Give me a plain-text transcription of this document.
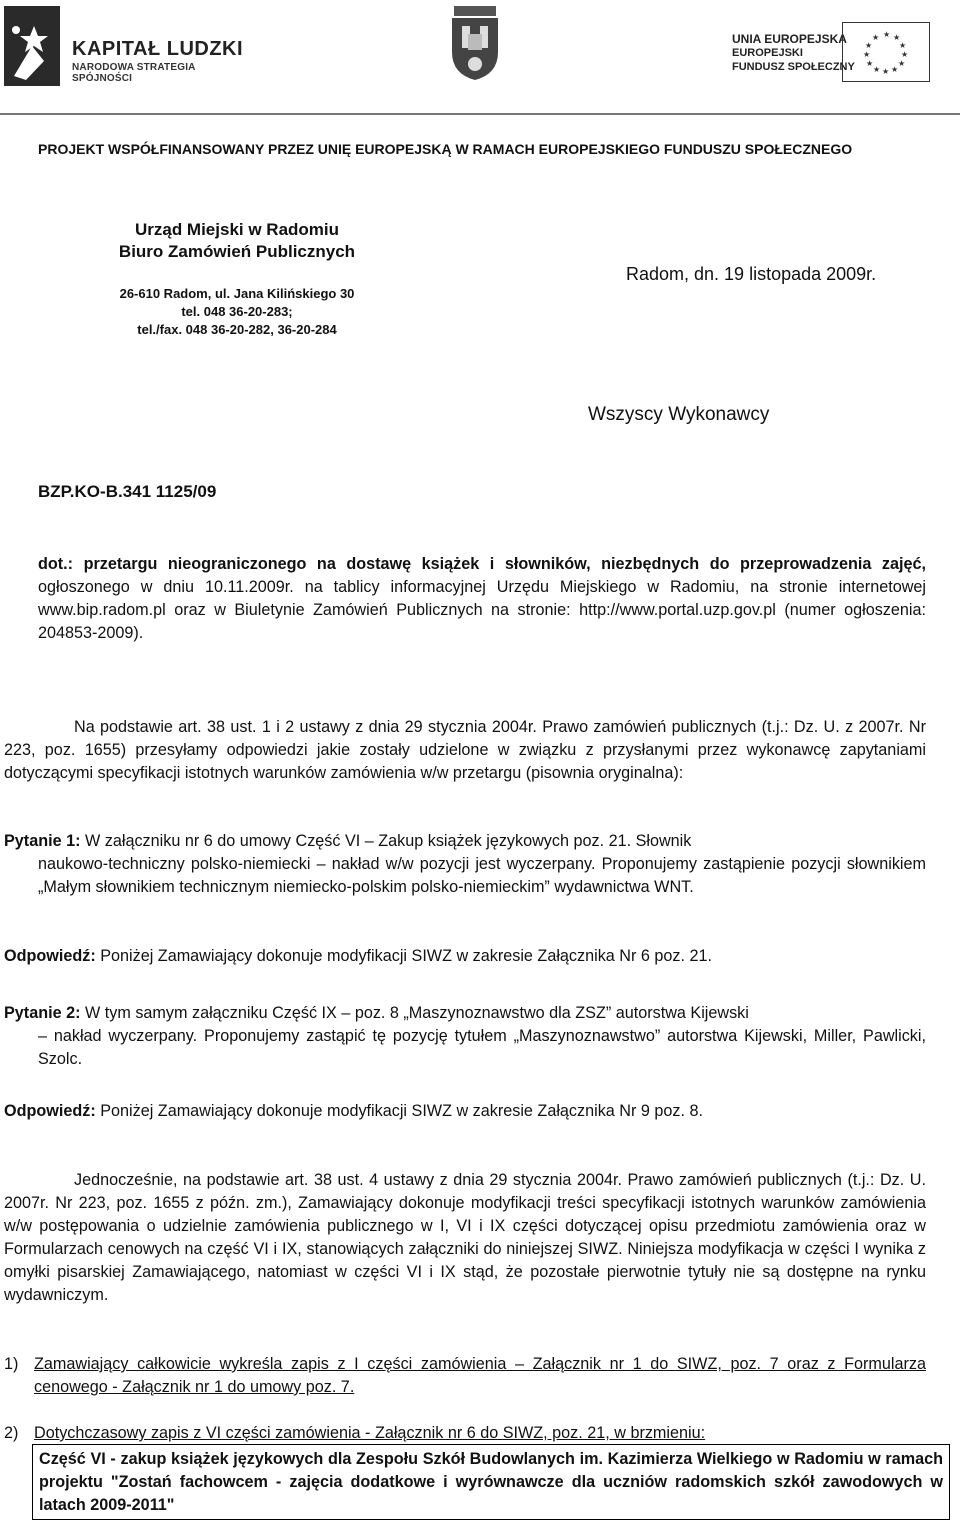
KAPITAŁ LUDZKI
NARODOWA STRATEGIA SPÓJNOŚCI
UNIA EUROPEJSKA
EUROPEJSKI
FUNDUSZ SPOŁECZNY
★ ★
★
★
★
★
★
★
★
★
★
★
PROJEKT WSPÓŁFINANSOWANY PRZEZ UNIĘ EUROPEJSKĄ W RAMACH EUROPEJSKIEGO FUNDUSZU SPOŁECZNEGO
Urząd Miejski w Radomiu
Biuro Zamówień Publicznych
26-610 Radom, ul. Jana Kilińskiego 30
tel. 048 36-20-283;
tel./fax. 048 36-20-282, 36-20-284
Radom, dn. 19 listopada 2009r.
Wszyscy Wykonawcy
BZP.KO-B.341 1125/09
dot.: przetargu nieograniczonego na dostawę książek i słowników, niezbędnych do przeprowadzenia zajęć, ogłoszonego w dniu 10.11.2009r. na tablicy informacyjnej Urzędu Miejskiego w Radomiu, na stronie internetowej www.bip.radom.pl oraz w Biuletynie Zamówień Publicznych na stronie: http://www.portal.uzp.gov.pl (numer ogłoszenia: 204853-2009).
Na podstawie art. 38 ust. 1 i 2 ustawy z dnia 29 stycznia 2004r. Prawo zamówień publicznych (t.j.: Dz. U. z 2007r. Nr 223, poz. 1655) przesyłamy odpowiedzi jakie zostały udzielone w związku z przysłanymi przez wykonawcę zapytaniami dotyczącymi specyfikacji istotnych warunków zamówienia w/w przetargu (pisownia oryginalna):
Pytanie 1: W załączniku nr 6 do umowy Część VI – Zakup książek językowych poz. 21. Słownik
naukowo-techniczny polsko-niemiecki – nakład w/w pozycji jest wyczerpany. Proponujemy zastąpienie pozycji słownikiem „Małym słownikiem technicznym niemiecko-polskim polsko-niemieckim” wydawnictwa WNT.
Odpowiedź: Poniżej Zamawiający dokonuje modyfikacji SIWZ w zakresie Załącznika Nr 6 poz. 21.
Pytanie 2: W tym samym załączniku Część IX – poz. 8 „Maszynoznawstwo dla ZSZ” autorstwa Kijewski
– nakład wyczerpany. Proponujemy zastąpić tę pozycję tytułem „Maszynoznawstwo” autorstwa Kijewski, Miller, Pawlicki, Szolc.
Odpowiedź: Poniżej Zamawiający dokonuje modyfikacji SIWZ w zakresie Załącznika Nr 9 poz. 8.
Jednocześnie, na podstawie art. 38 ust. 4 ustawy z dnia 29 stycznia 2004r. Prawo zamówień publicznych (t.j.: Dz. U. 2007r. Nr 223, poz. 1655 z późn. zm.), Zamawiający dokonuje modyfikacji treści specyfikacji istotnych warunków zamówienia w/w postępowania o udzielnie zamówienia publicznego w I, VI i IX części dotyczącej opisu przedmiotu zamówienia oraz w Formularzach cenowych na część VI i IX, stanowiących załączniki do niniejszej SIWZ. Niniejsza modyfikacja w części I wynika z omyłki pisarskiej Zamawiającego, natomiast w części VI i IX stąd, że pozostałe pierwotnie tytuły nie są dostępne na rynku wydawniczym.
1) Zamawiający całkowicie wykreśla zapis z I części zamówienia – Załącznik nr 1 do SIWZ, poz. 7 oraz z Formularza cenowego - Załącznik nr 1 do umowy poz. 7.
2) Dotychczasowy zapis z VI części zamówienia - Załącznik nr 6 do SIWZ, poz. 21, w brzmieniu:
Część VI - zakup książek językowych dla Zespołu Szkół Budowlanych im. Kazimierza Wielkiego w Radomiu w ramach projektu "Zostań fachowcem - zajęcia dodatkowe i wyrównawcze dla uczniów radomskich szkół zawodowych w latach 2009-2011"
